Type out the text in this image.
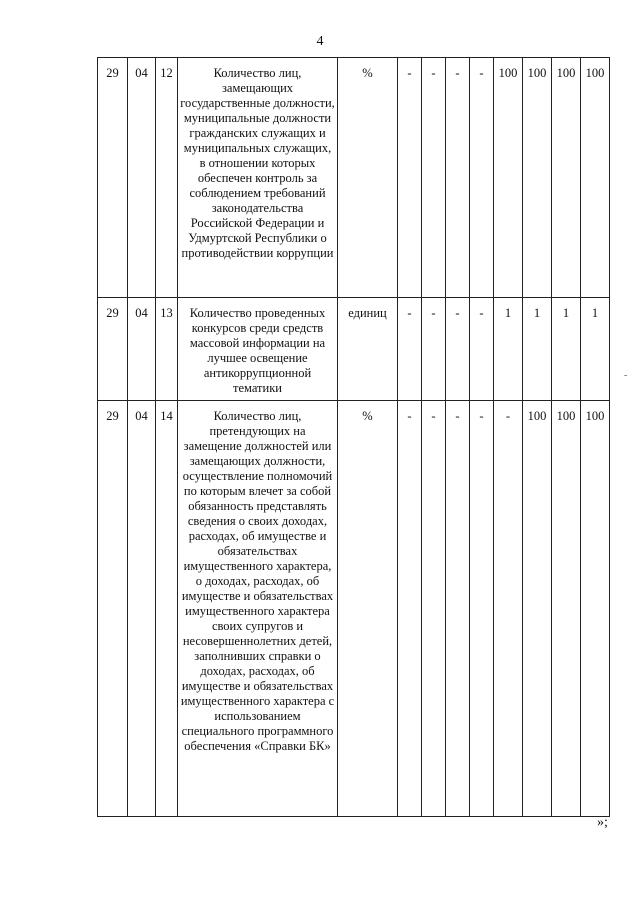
4
29	04	12	Количество лиц, замещающих государственные должности, муниципальные должности гражданских служащих и муниципальных служащих, в отношении которых обеспечен контроль за соблюдением требований законодательства Российской Федерации и Удмуртской Республики о противодействии коррупции	%	-	-	-	-	100	100	100	100
29	04	13	Количество проведенных конкурсов среди средств массовой информации на лучшее освещение антикоррупционной тематики	единиц	-	-	-	-	1	1	1	1
29	04	14	Количество лиц, претендующих на замещение должностей или замещающих должности, осуществление полномочий по которым влечет за собой обязанность представлять сведения о своих доходах, расходах, об имуществе и обязательствах имущественного характера, о доходах, расходах, об имуществе и обязательствах имущественного характера своих супругов и несовершеннолетних детей, заполнивших справки о доходах, расходах, об имуществе и обязательствах имущественного характера с использованием специального программного обеспечения «Справки БК»	%	-	-	-	-	-	100	100	100
»;
-
